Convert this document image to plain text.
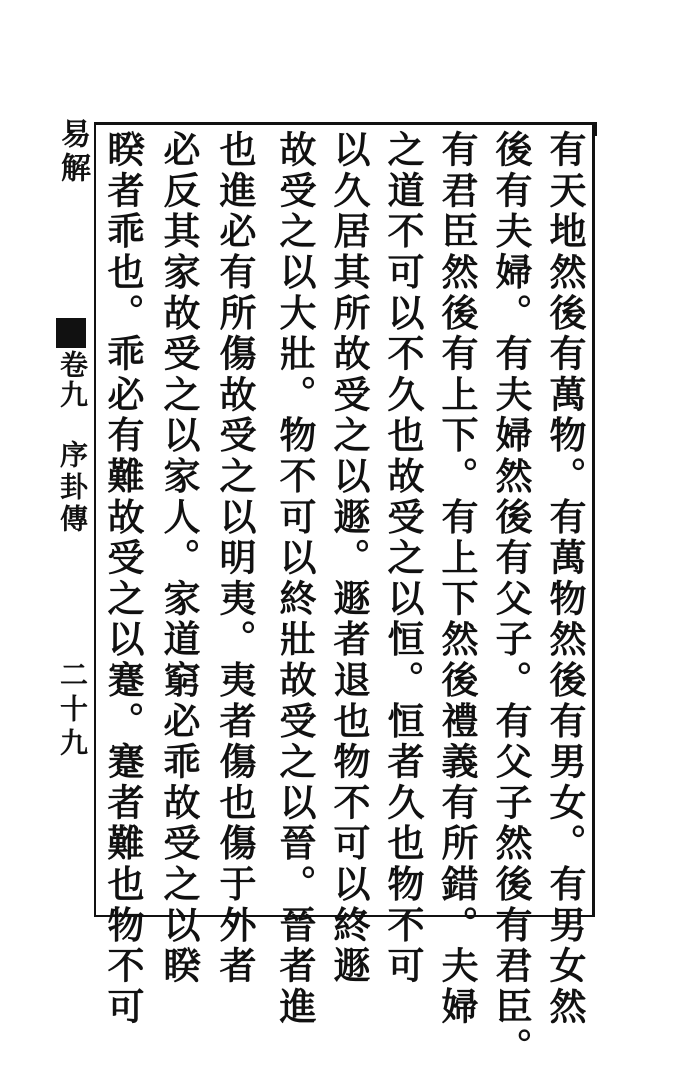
有天地然後有萬物。有萬物然後有男女。有男女然
後有夫婦。有夫婦然後有父子。有父子然後有君臣。
有君臣然後有上下。有上下然後禮義有所錯。夫婦
之道不可以不久也故受之以恒。恒者久也物不可
以久居其所故受之以遯。遯者退也物不可以終遯
故受之以大壯。物不可以終壯故受之以晉。晉者進
也進必有所傷故受之以明夷。夷者傷也傷于外者
必反其家故受之以家人。家道窮必乖故受之以睽
睽者乖也。乖必有難故受之以蹇。蹇者難也物不可
易解
卷九
序卦傳
二十九
